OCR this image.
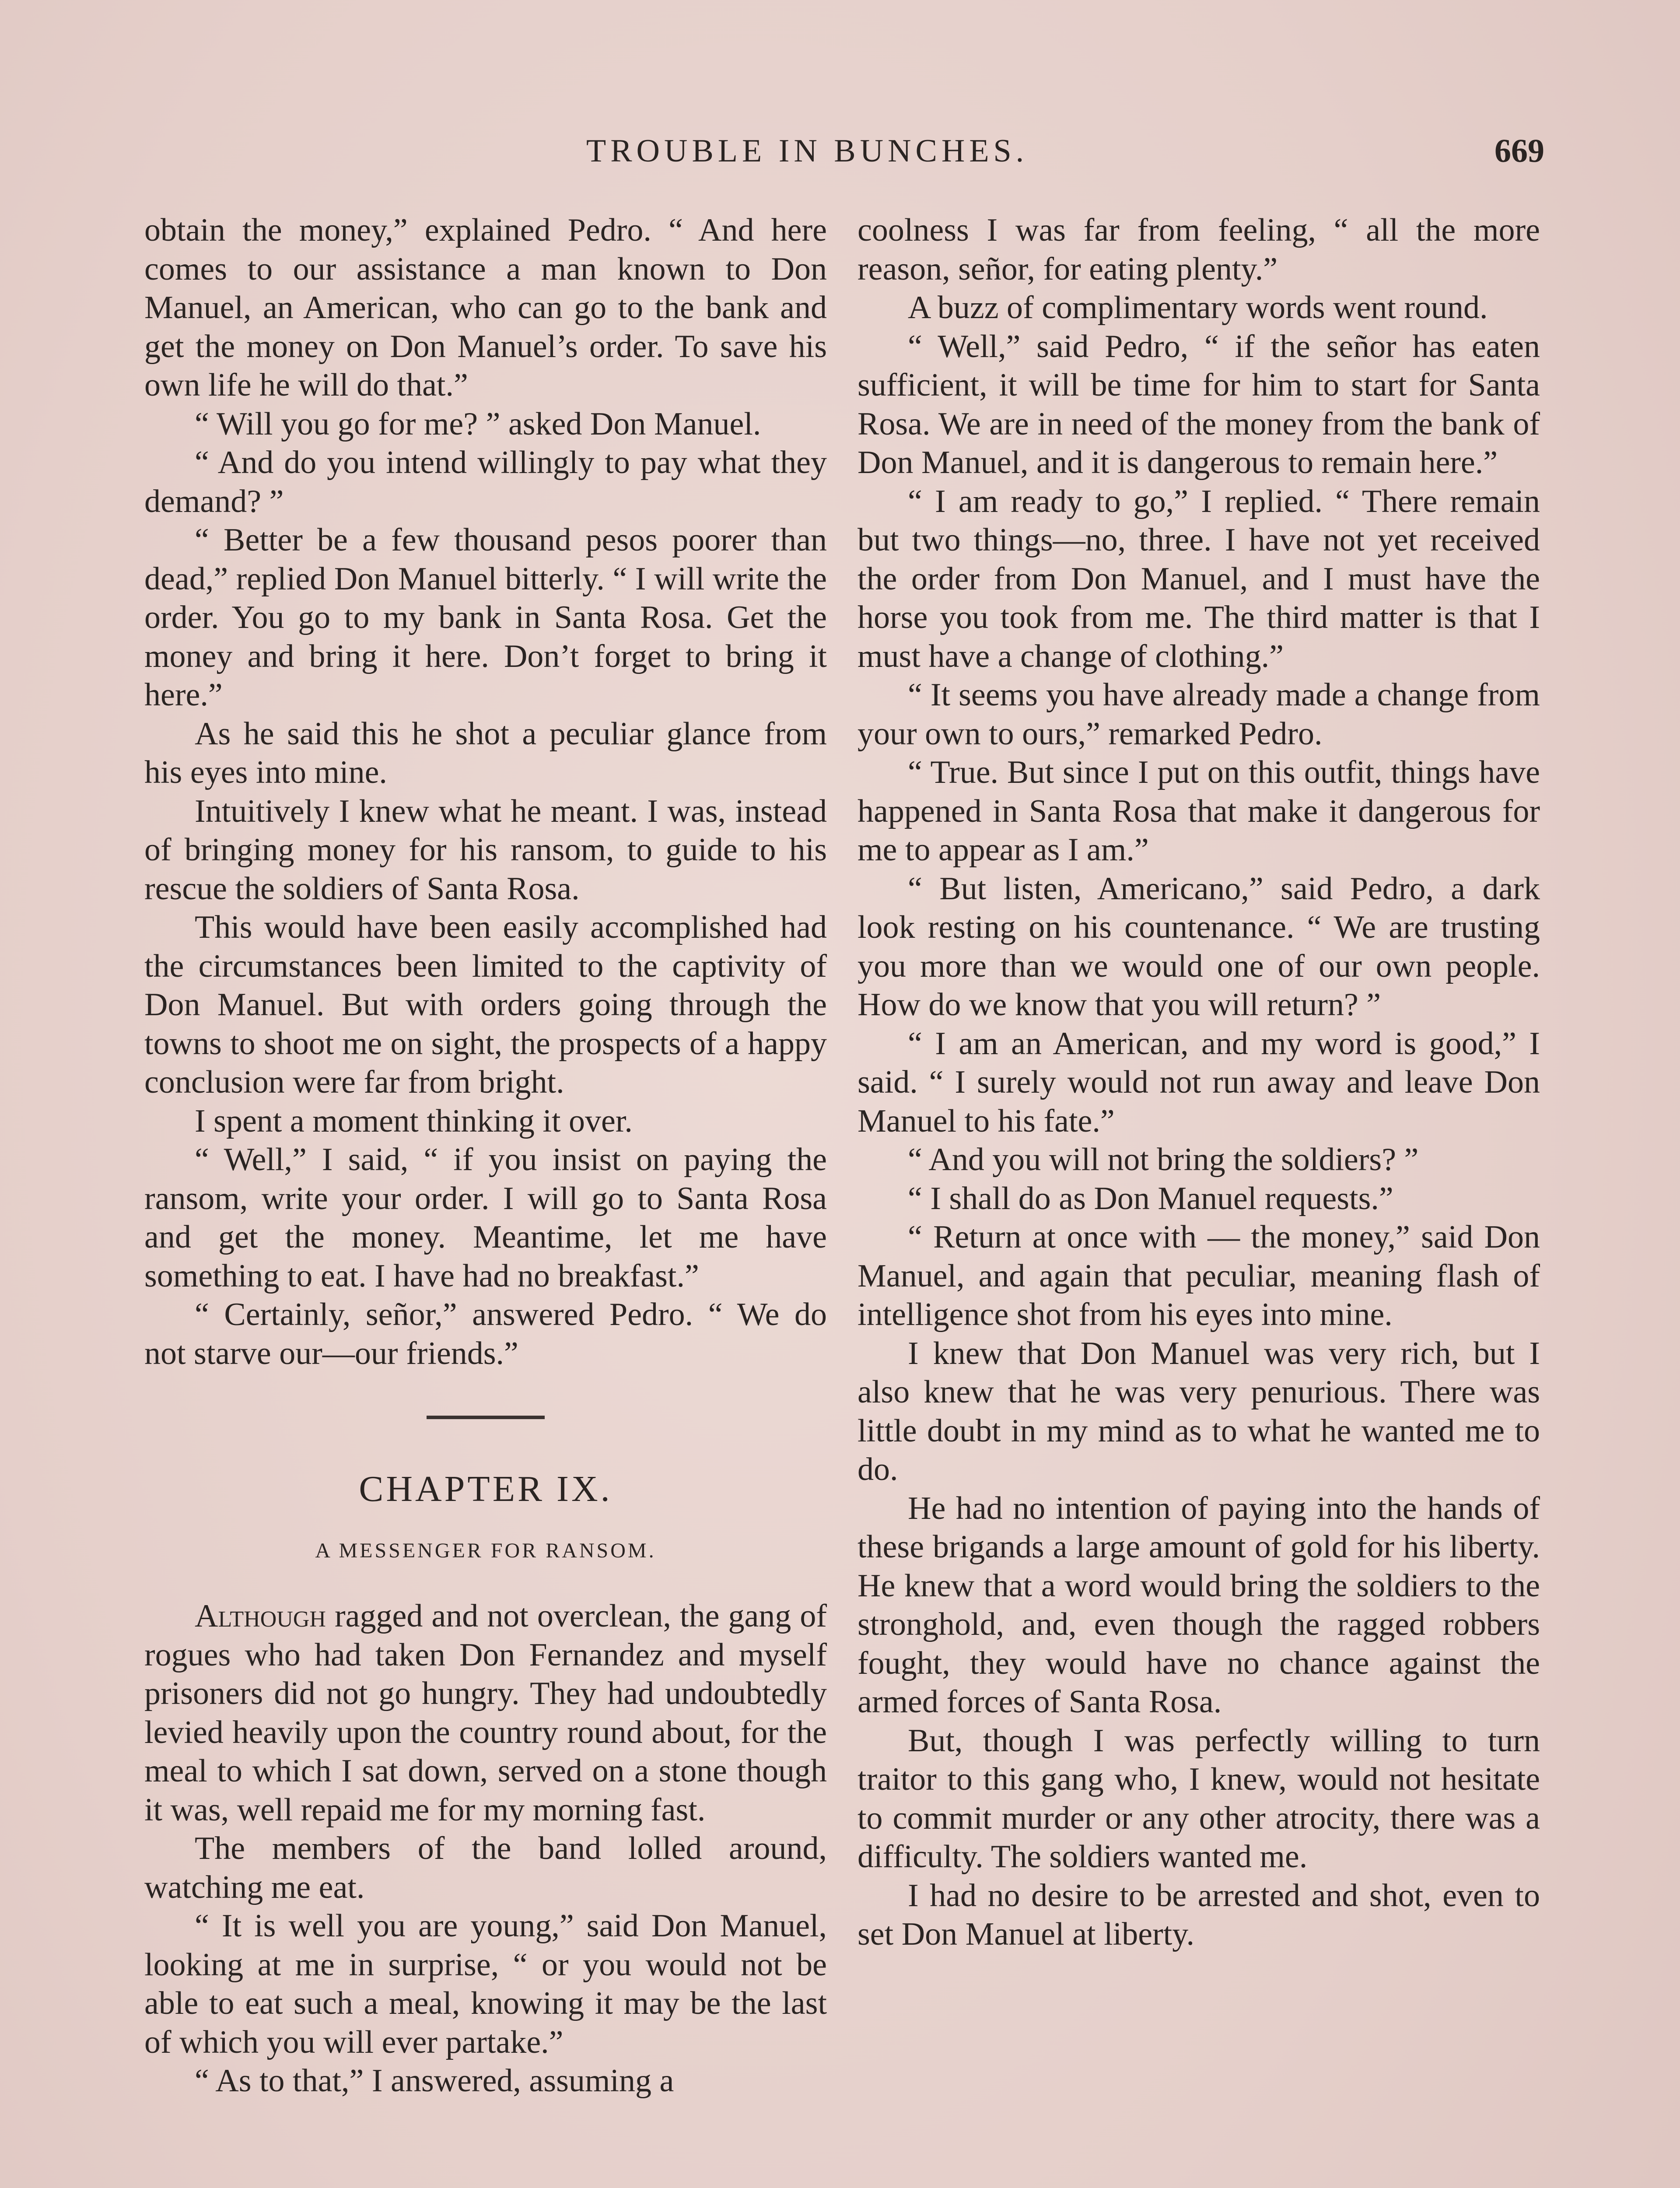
TROUBLE IN BUNCHES.	669

obtain the money,” explained Pedro. “ And here comes to our assistance a man known to Don Manuel, an American, who can go to the bank and get the money on Don Manuel’s order. To save his own life he will do that.”

“ Will you go for me? ” asked Don Manuel.

“ And do you intend willingly to pay what they demand? ”

“ Better be a few thousand pesos poorer than dead,” replied Don Manuel bitterly. “ I will write the order. You go to my bank in Santa Rosa. Get the money and bring it here. Don’t forget to bring it here.”

As he said this he shot a peculiar glance from his eyes into mine.

Intuitively I knew what he meant. I was, instead of bringing money for his ransom, to guide to his rescue the soldiers of Santa Rosa.

This would have been easily accomplished had the circumstances been limited to the captivity of Don Manuel. But with orders going through the towns to shoot me on sight, the prospects of a happy conclusion were far from bright.

I spent a moment thinking it over.

“ Well,” I said, “ if you insist on paying the ransom, write your order. I will go to Santa Rosa and get the money. Meantime, let me have something to eat. I have had no breakfast.”

“ Certainly, señor,” answered Pedro. “ We do not starve our—our friends.”

CHAPTER IX.
A MESSENGER FOR RANSOM.

Although ragged and not overclean, the gang of rogues who had taken Don Fernandez and myself prisoners did not go hungry. They had undoubtedly levied heavily upon the country round about, for the meal to which I sat down, served on a stone though it was, well repaid me for my morning fast.

The members of the band lolled around, watching me eat.

“ It is well you are young,” said Don Manuel, looking at me in surprise, “ or you would not be able to eat such a meal, knowing it may be the last of which you will ever partake.”

“ As to that,” I answered, assuming a

coolness I was far from feeling, “ all the more reason, señor, for eating plenty.”

A buzz of complimentary words went round.

“ Well,” said Pedro, “ if the señor has eaten sufficient, it will be time for him to start for Santa Rosa. We are in need of the money from the bank of Don Manuel, and it is dangerous to remain here.”

“ I am ready to go,” I replied. “ There remain but two things—no, three. I have not yet received the order from Don Manuel, and I must have the horse you took from me. The third matter is that I must have a change of clothing.”

“ It seems you have already made a change from your own to ours,” remarked Pedro.

“ True. But since I put on this outfit, things have happened in Santa Rosa that make it dangerous for me to appear as I am.”

“ But listen, Americano,” said Pedro, a dark look resting on his countenance. “ We are trusting you more than we would one of our own people. How do we know that you will return? ”

“ I am an American, and my word is good,” I said. “ I surely would not run away and leave Don Manuel to his fate.”

“ And you will not bring the soldiers? ”

“ I shall do as Don Manuel requests.”

“ Return at once with — the money,” said Don Manuel, and again that peculiar, meaning flash of intelligence shot from his eyes into mine.

I knew that Don Manuel was very rich, but I also knew that he was very penurious. There was little doubt in my mind as to what he wanted me to do.

He had no intention of paying into the hands of these brigands a large amount of gold for his liberty. He knew that a word would bring the soldiers to the stronghold, and, even though the ragged robbers fought, they would have no chance against the armed forces of Santa Rosa.

But, though I was perfectly willing to turn traitor to this gang who, I knew, would not hesitate to commit murder or any other atrocity, there was a difficulty. The soldiers wanted me.

I had no desire to be arrested and shot, even to set Don Manuel at liberty.
